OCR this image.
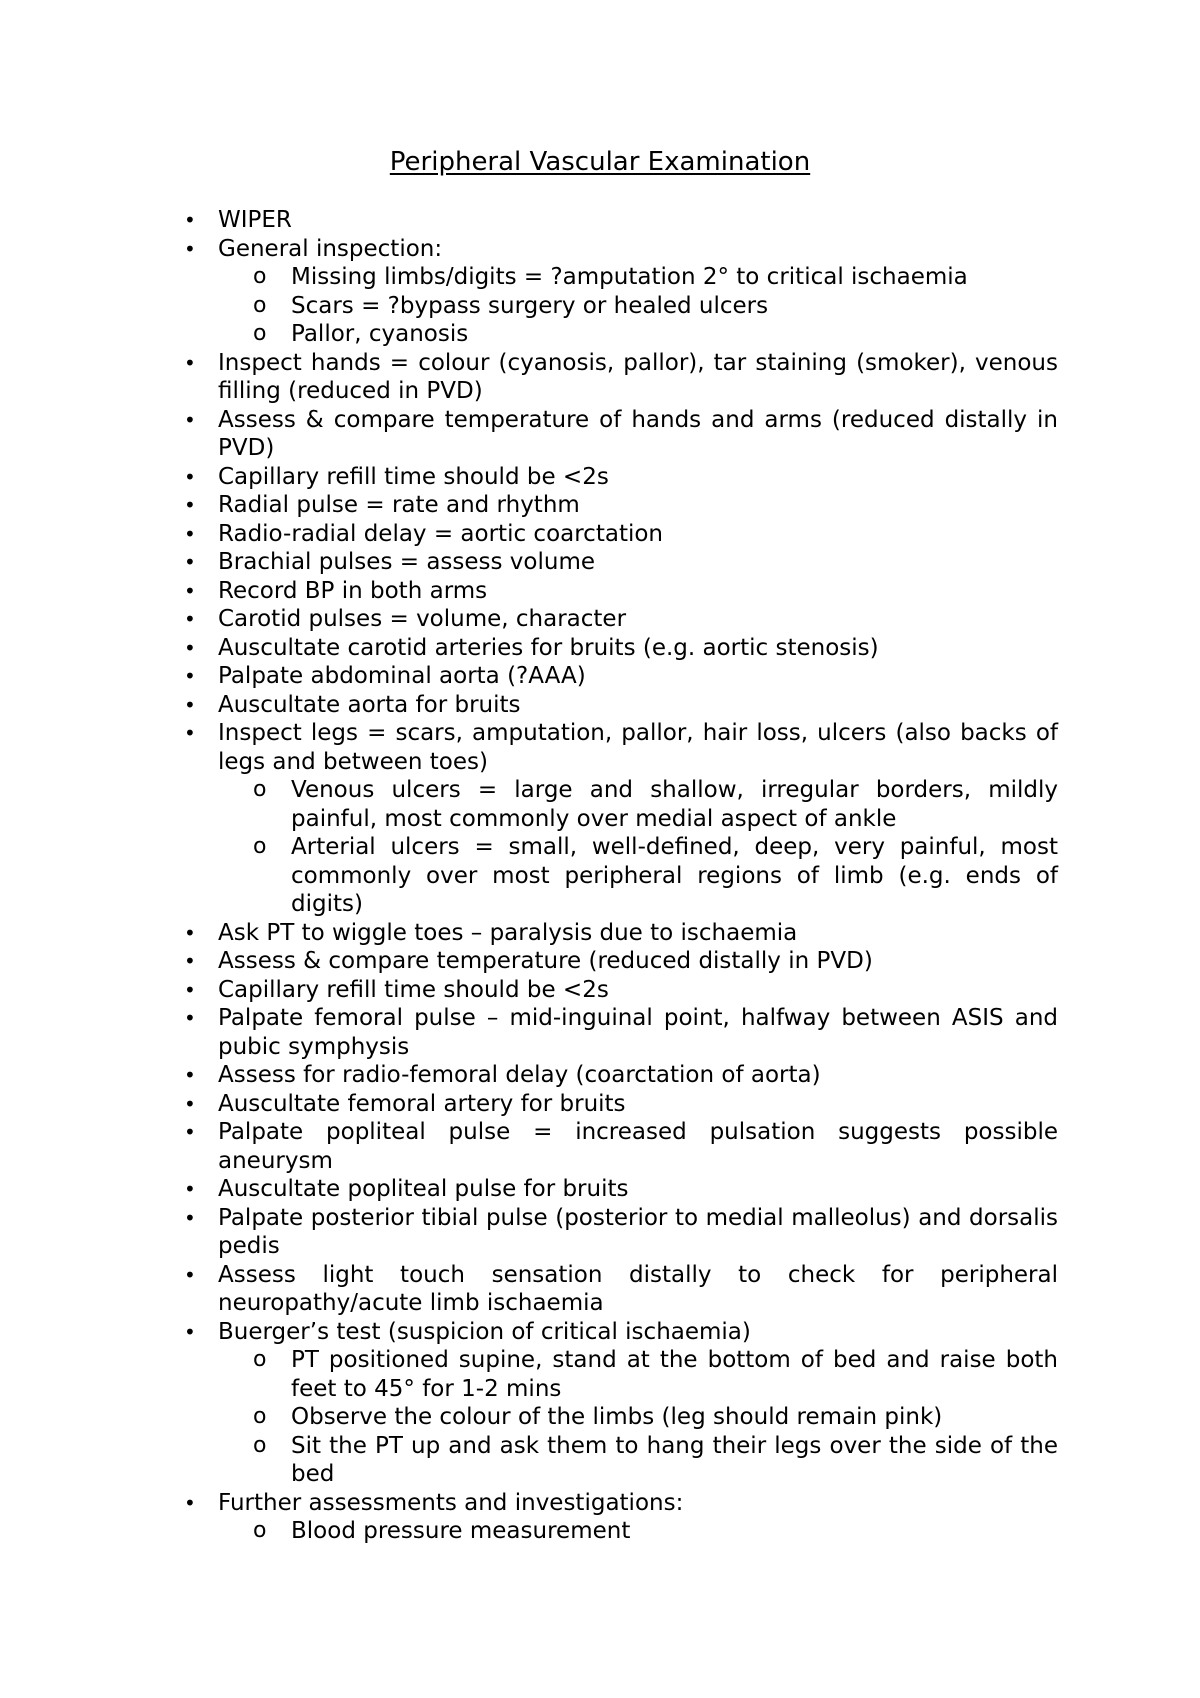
Peripheral Vascular Examination
• WIPER
• General inspection:
o Missing limbs/digits = ?amputation 2° to critical ischaemia
o Scars = ?bypass surgery or healed ulcers
o Pallor, cyanosis
• Inspect hands = colour (cyanosis, pallor), tar staining (smoker), venous filling (reduced in PVD)
• Assess & compare temperature of hands and arms (reduced distally in PVD)
• Capillary refill time should be <2s
• Radial pulse = rate and rhythm
• Radio-radial delay = aortic coarctation
• Brachial pulses = assess volume
• Record BP in both arms
• Carotid pulses = volume, character
• Auscultate carotid arteries for bruits (e.g. aortic stenosis)
• Palpate abdominal aorta (?AAA)
• Auscultate aorta for bruits
• Inspect legs = scars, amputation, pallor, hair loss, ulcers (also backs of legs and between toes)
o Venous ulcers = large and shallow, irregular borders, mildly painful, most commonly over medial aspect of ankle
o Arterial ulcers = small, well-defined, deep, very painful, most commonly over most peripheral regions of limb (e.g. ends of digits)
• Ask PT to wiggle toes – paralysis due to ischaemia
• Assess & compare temperature (reduced distally in PVD)
• Capillary refill time should be <2s
• Palpate femoral pulse – mid-inguinal point, halfway between ASIS and pubic symphysis
• Assess for radio-femoral delay (coarctation of aorta)
• Auscultate femoral artery for bruits
• Palpate popliteal pulse = increased pulsation suggests possible aneurysm
• Auscultate popliteal pulse for bruits
• Palpate posterior tibial pulse (posterior to medial malleolus) and dorsalis pedis
• Assess light touch sensation distally to check for peripheral neuropathy/acute limb ischaemia
• Buerger’s test (suspicion of critical ischaemia)
o PT positioned supine, stand at the bottom of bed and raise both feet to 45° for 1-2 mins
o Observe the colour of the limbs (leg should remain pink)
o Sit the PT up and ask them to hang their legs over the side of the bed
• Further assessments and investigations:
o Blood pressure measurement
